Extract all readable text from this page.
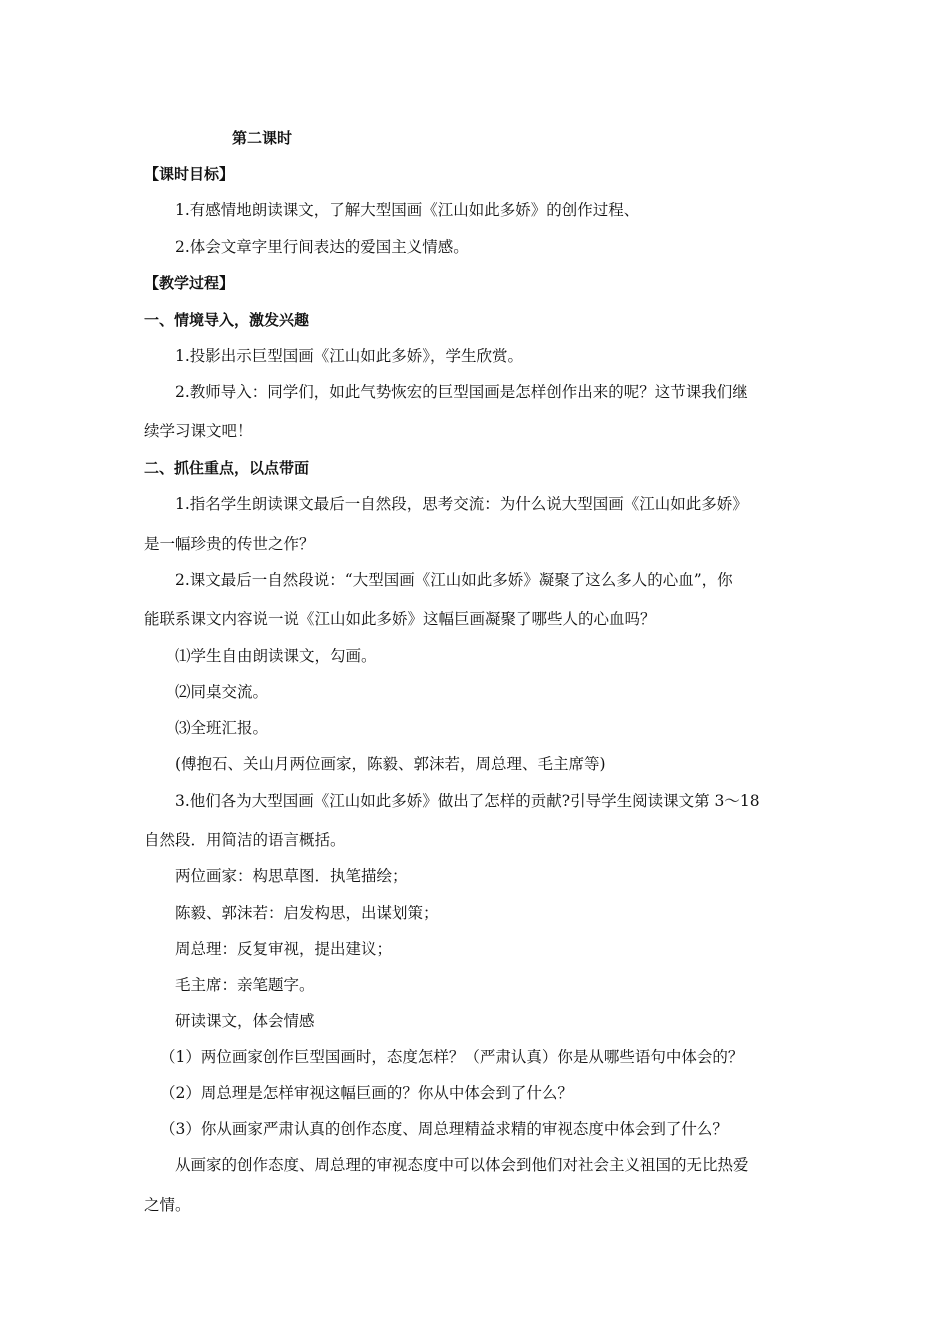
第二课时
【课时目标】
1.有感情地朗读课文，了解大型国画《江山如此多娇》的创作过程、
2.体会文章字里行间表达的爱国主义情感。
【教学过程】
一、情境导入，激发兴趣
1.投影出示巨型国画《江山如此多娇》，学生欣赏。
2.教师导入：同学们，如此气势恢宏的巨型国画是怎样创作出来的呢？这节课我们继
续学习课文吧！
二、抓住重点，以点带面
1.指名学生朗读课文最后一自然段，思考交流：为什么说大型国画《江山如此多娇》
是一幅珍贵的传世之作？
2.课文最后一自然段说：“大型国画《江山如此多娇》凝聚了这么多人的心血”，你
能联系课文内容说一说《江山如此多娇》这幅巨画凝聚了哪些人的心血吗？
⑴学生自由朗读课文，勾画。
⑵同桌交流。
⑶全班汇报。
(傅抱石、关山月两位画家，陈毅、郭沫若，周总理、毛主席等)
3.他们各为大型国画《江山如此多娇》做出了怎样的贡献?引导学生阅读课文第 3～18
自然段．用简洁的语言概括。
两位画家：构思草图．执笔描绘；
陈毅、郭沫若：启发构思，出谋划策；
周总理：反复审视，提出建议；
毛主席：亲笔题字。
研读课文，体会情感
（1）两位画家创作巨型国画时，态度怎样？（严肃认真）你是从哪些语句中体会的？
（2）周总理是怎样审视这幅巨画的？你从中体会到了什么？
（3）你从画家严肃认真的创作态度、周总理精益求精的审视态度中体会到了什么？
从画家的创作态度、周总理的审视态度中可以体会到他们对社会主义祖国的无比热爱
之情。
